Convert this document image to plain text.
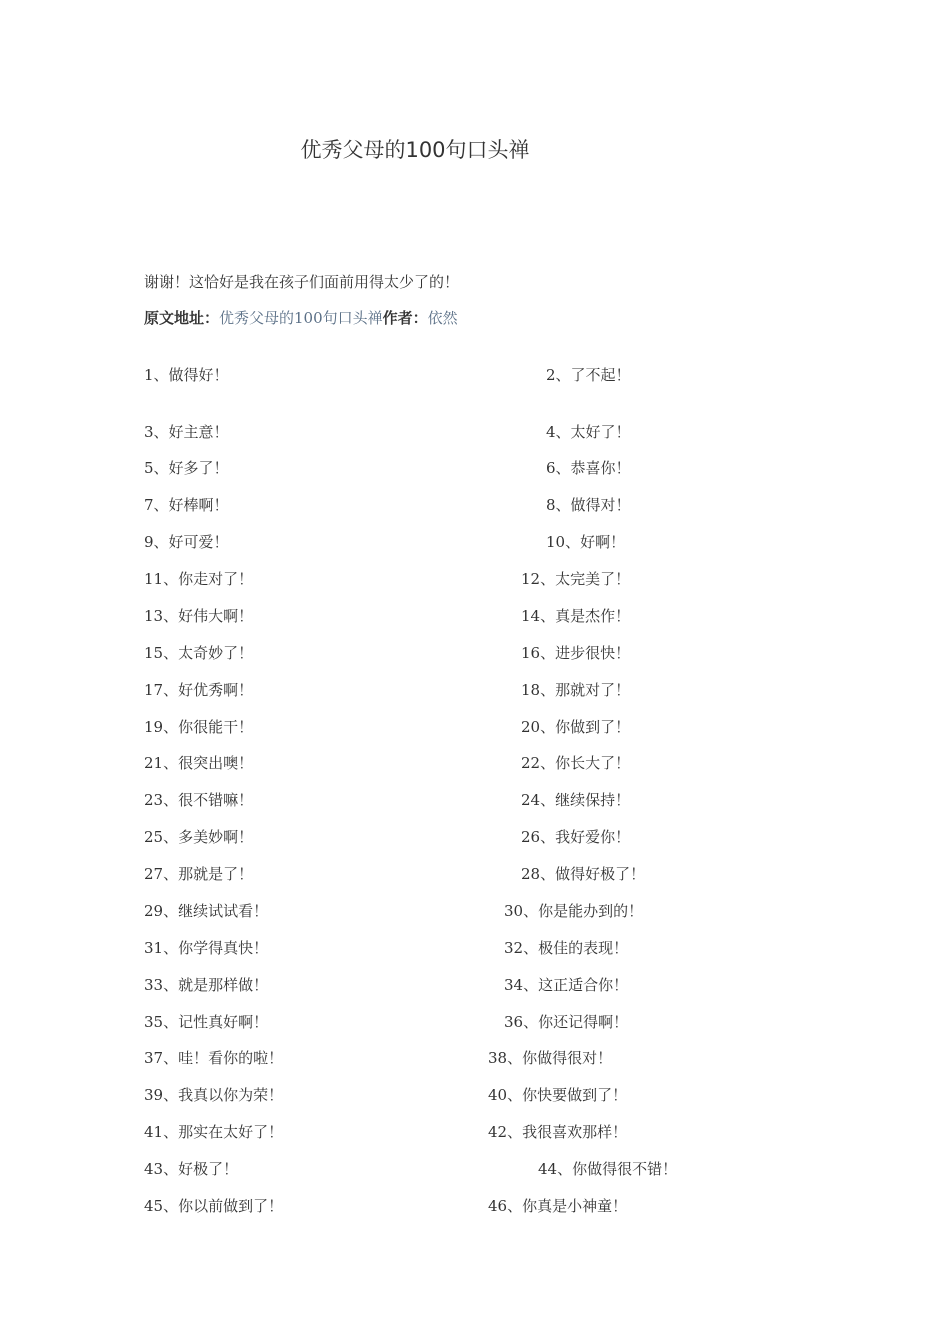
优秀父母的100句口头禅
谢谢！这恰好是我在孩子们面前用得太少了的！
原文地址：优秀父母的100句口头禅作者：依然
1、做得好！	2、了不起！
3、好主意！	4、太好了！
5、好多了！	6、恭喜你！
7、好棒啊！	8、做得对！
9、好可爱！	10、好啊！
11、你走对了！	12、太完美了！
13、好伟大啊！	14、真是杰作！
15、太奇妙了！	16、进步很快！
17、好优秀啊！	18、那就对了！
19、你很能干！	20、你做到了！
21、很突出噢！	22、你长大了！
23、很不错嘛！	24、继续保持！
25、多美妙啊！	26、我好爱你！
27、那就是了！	28、做得好极了！
29、继续试试看！	30、你是能办到的！
31、你学得真快！	32、极佳的表现！
33、就是那样做！	34、这正适合你！
35、记性真好啊！	36、你还记得啊！
37、哇！看你的啦！	38、你做得很对！
39、我真以你为荣！	40、你快要做到了！
41、那实在太好了！	42、我很喜欢那样！
43、好极了！	44、你做得很不错！
45、你以前做到了！	46、你真是小神童！
